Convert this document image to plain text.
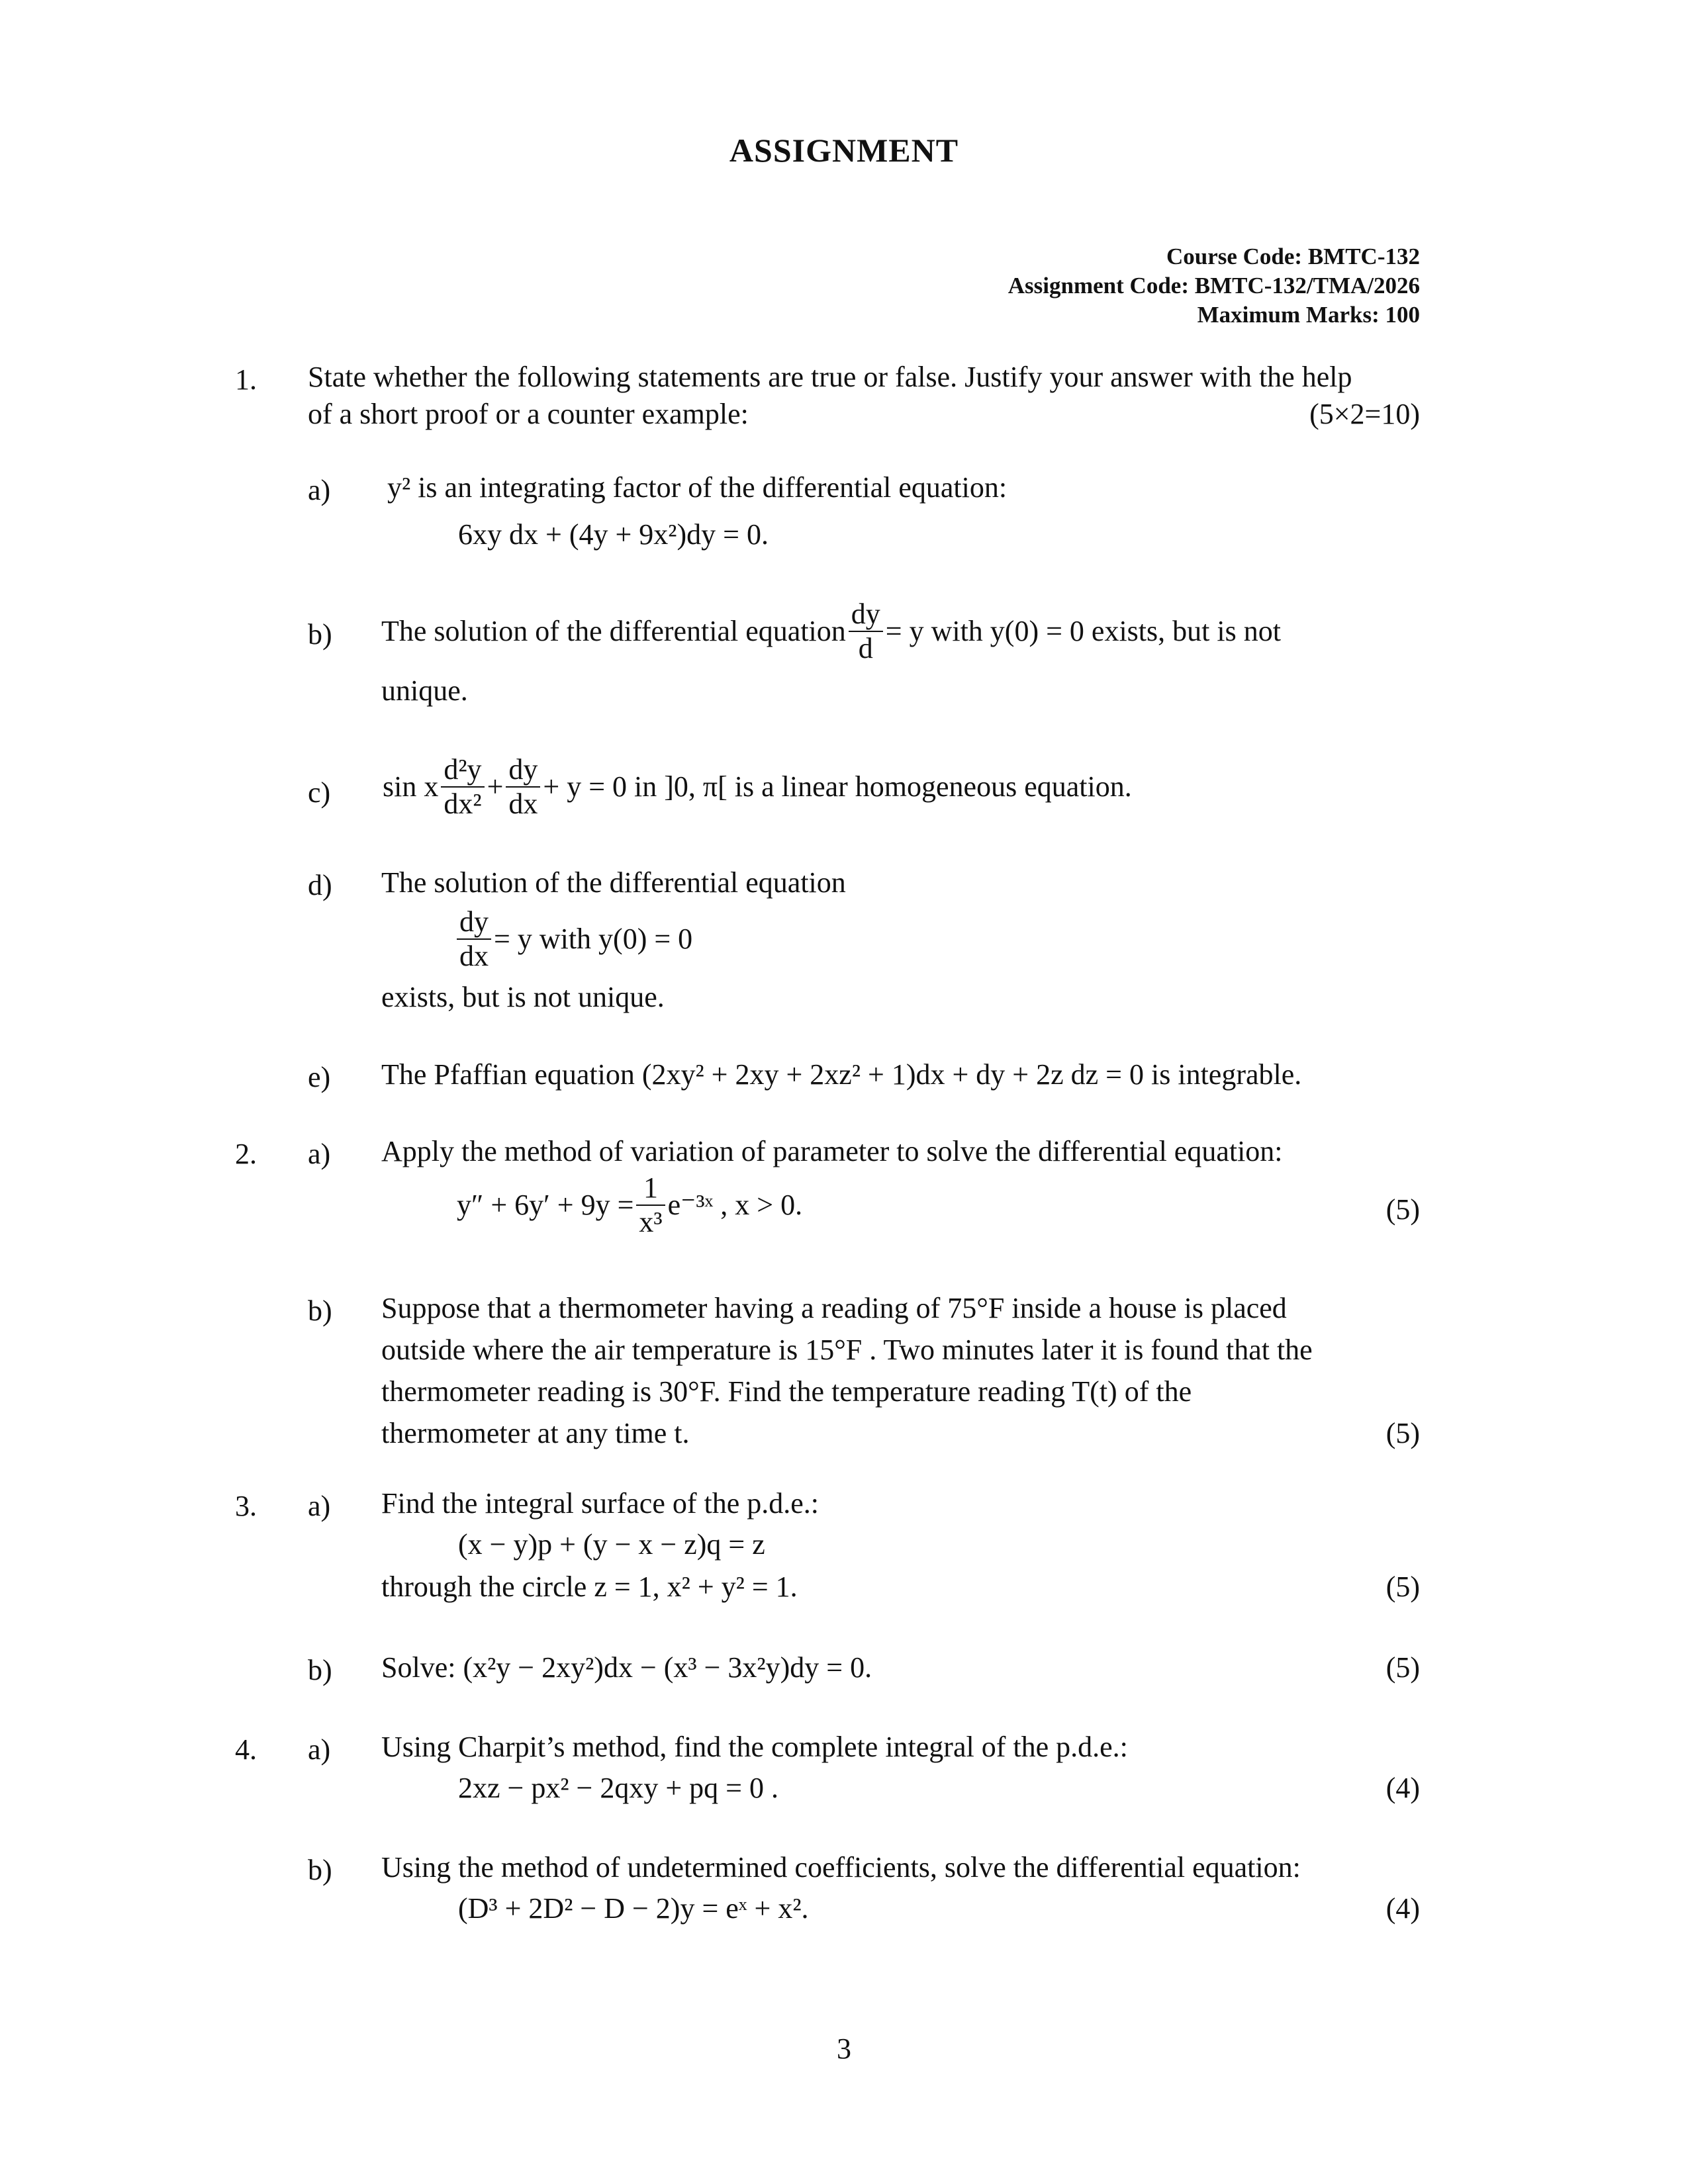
ASSIGNMENT
Course Code: BMTC-132
Assignment Code: BMTC-132/TMA/2026
Maximum Marks: 100
1. State whether the following statements are true or false. Justify your answer with the help
of a short proof or a counter example:	(5×2=10)
a) y² is an integrating factor of the differential equation:
6xy dx + (4y + 9x²)dy = 0.
b) The solution of the differential equation $\frac{dy}{d} = y$ with y(0) = 0 exists, but is not
unique.
c) sin x $\frac{\text{d²y}}{\text{dx²}} + \frac{dy}{dx} + y = 0$ in ]0, π[ is a linear homogeneous equation.
d) The solution of the differential equation
$\frac{dy}{dx} = y$ with y(0) = 0
exists, but is not unique.
e) The Pfaffian equation (2xy² + 2xy + 2xz² + 1)dx + dy + 2z dz = 0 is integrable.
2. a) Apply the method of variation of parameter to solve the differential equation:
$y'' + 6y' + 9y = \frac{1}{\text{x³}}$ e⁻³ˣ , x > 0.	(5)
b) Suppose that a thermometer having a reading of 75°F inside a house is placed
outside where the air temperature is 15°F . Two minutes later it is found that the
thermometer reading is 30°F. Find the temperature reading T(t) of the
thermometer at any time t.	(5)
3. a) Find the integral surface of the p.d.e.:
(x − y)p + (y − x − z)q = z
through the circle z = 1, x² + y² = 1.	(5)
b) Solve: (x²y − 2xy²)dx − (x³ − 3x²y)dy = 0.	(5)
4. a) Using Charpit’s method, find the complete integral of the p.d.e.:
2xz − px² − 2qxy + pq = 0 .	(4)
b) Using the method of undetermined coefficients, solve the differential equation:
(D³ + 2D² − D − 2)y = eˣ + x².	(4)
3
